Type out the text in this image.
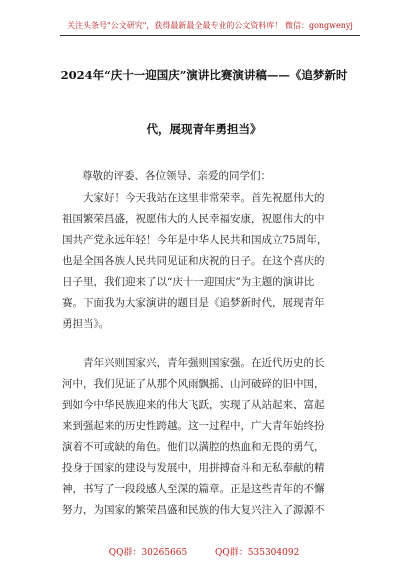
关注头条号"公文研究"，获得最新最全最专业的公文资料库！ 微信：gongwenyj
2024年“庆十一迎国庆”演讲比赛演讲稿——《追梦新时
代，展现青年勇担当》
尊敬的评委、各位领导、亲爱的同学们：

大家好！今天我站在这里非常荣幸。首先祝愿伟大的

祖国繁荣昌盛，祝愿伟大的人民幸福安康，祝愿伟大的中

国共产党永远年轻！今年是中华人民共和国成立75周年，

也是全国各族人民共同见证和庆祝的日子。在这个喜庆的

日子里，我们迎来了以“庆十一迎国庆”为主题的演讲比

赛。下面我为大家演讲的题目是《追梦新时代，展现青年

勇担当》。

青年兴则国家兴，青年强则国家强。在近代历史的长

河中，我们见证了从那个风雨飘摇、山河破碎的旧中国，

到如今中华民族迎来的伟大飞跃，实现了从站起来、富起

来到强起来的历史性跨越。这一过程中，广大青年始终扮

演着不可或缺的角色。他们以满腔的热血和无畏的勇气，

投身于国家的建设与发展中，用拼搏奋斗和无私奉献的精

神，书写了一段段感人至深的篇章。正是这些青年的不懈

努力，为国家的繁荣昌盛和民族的伟大复兴注入了源源不

QQ群：30265665	QQ群：535304092
